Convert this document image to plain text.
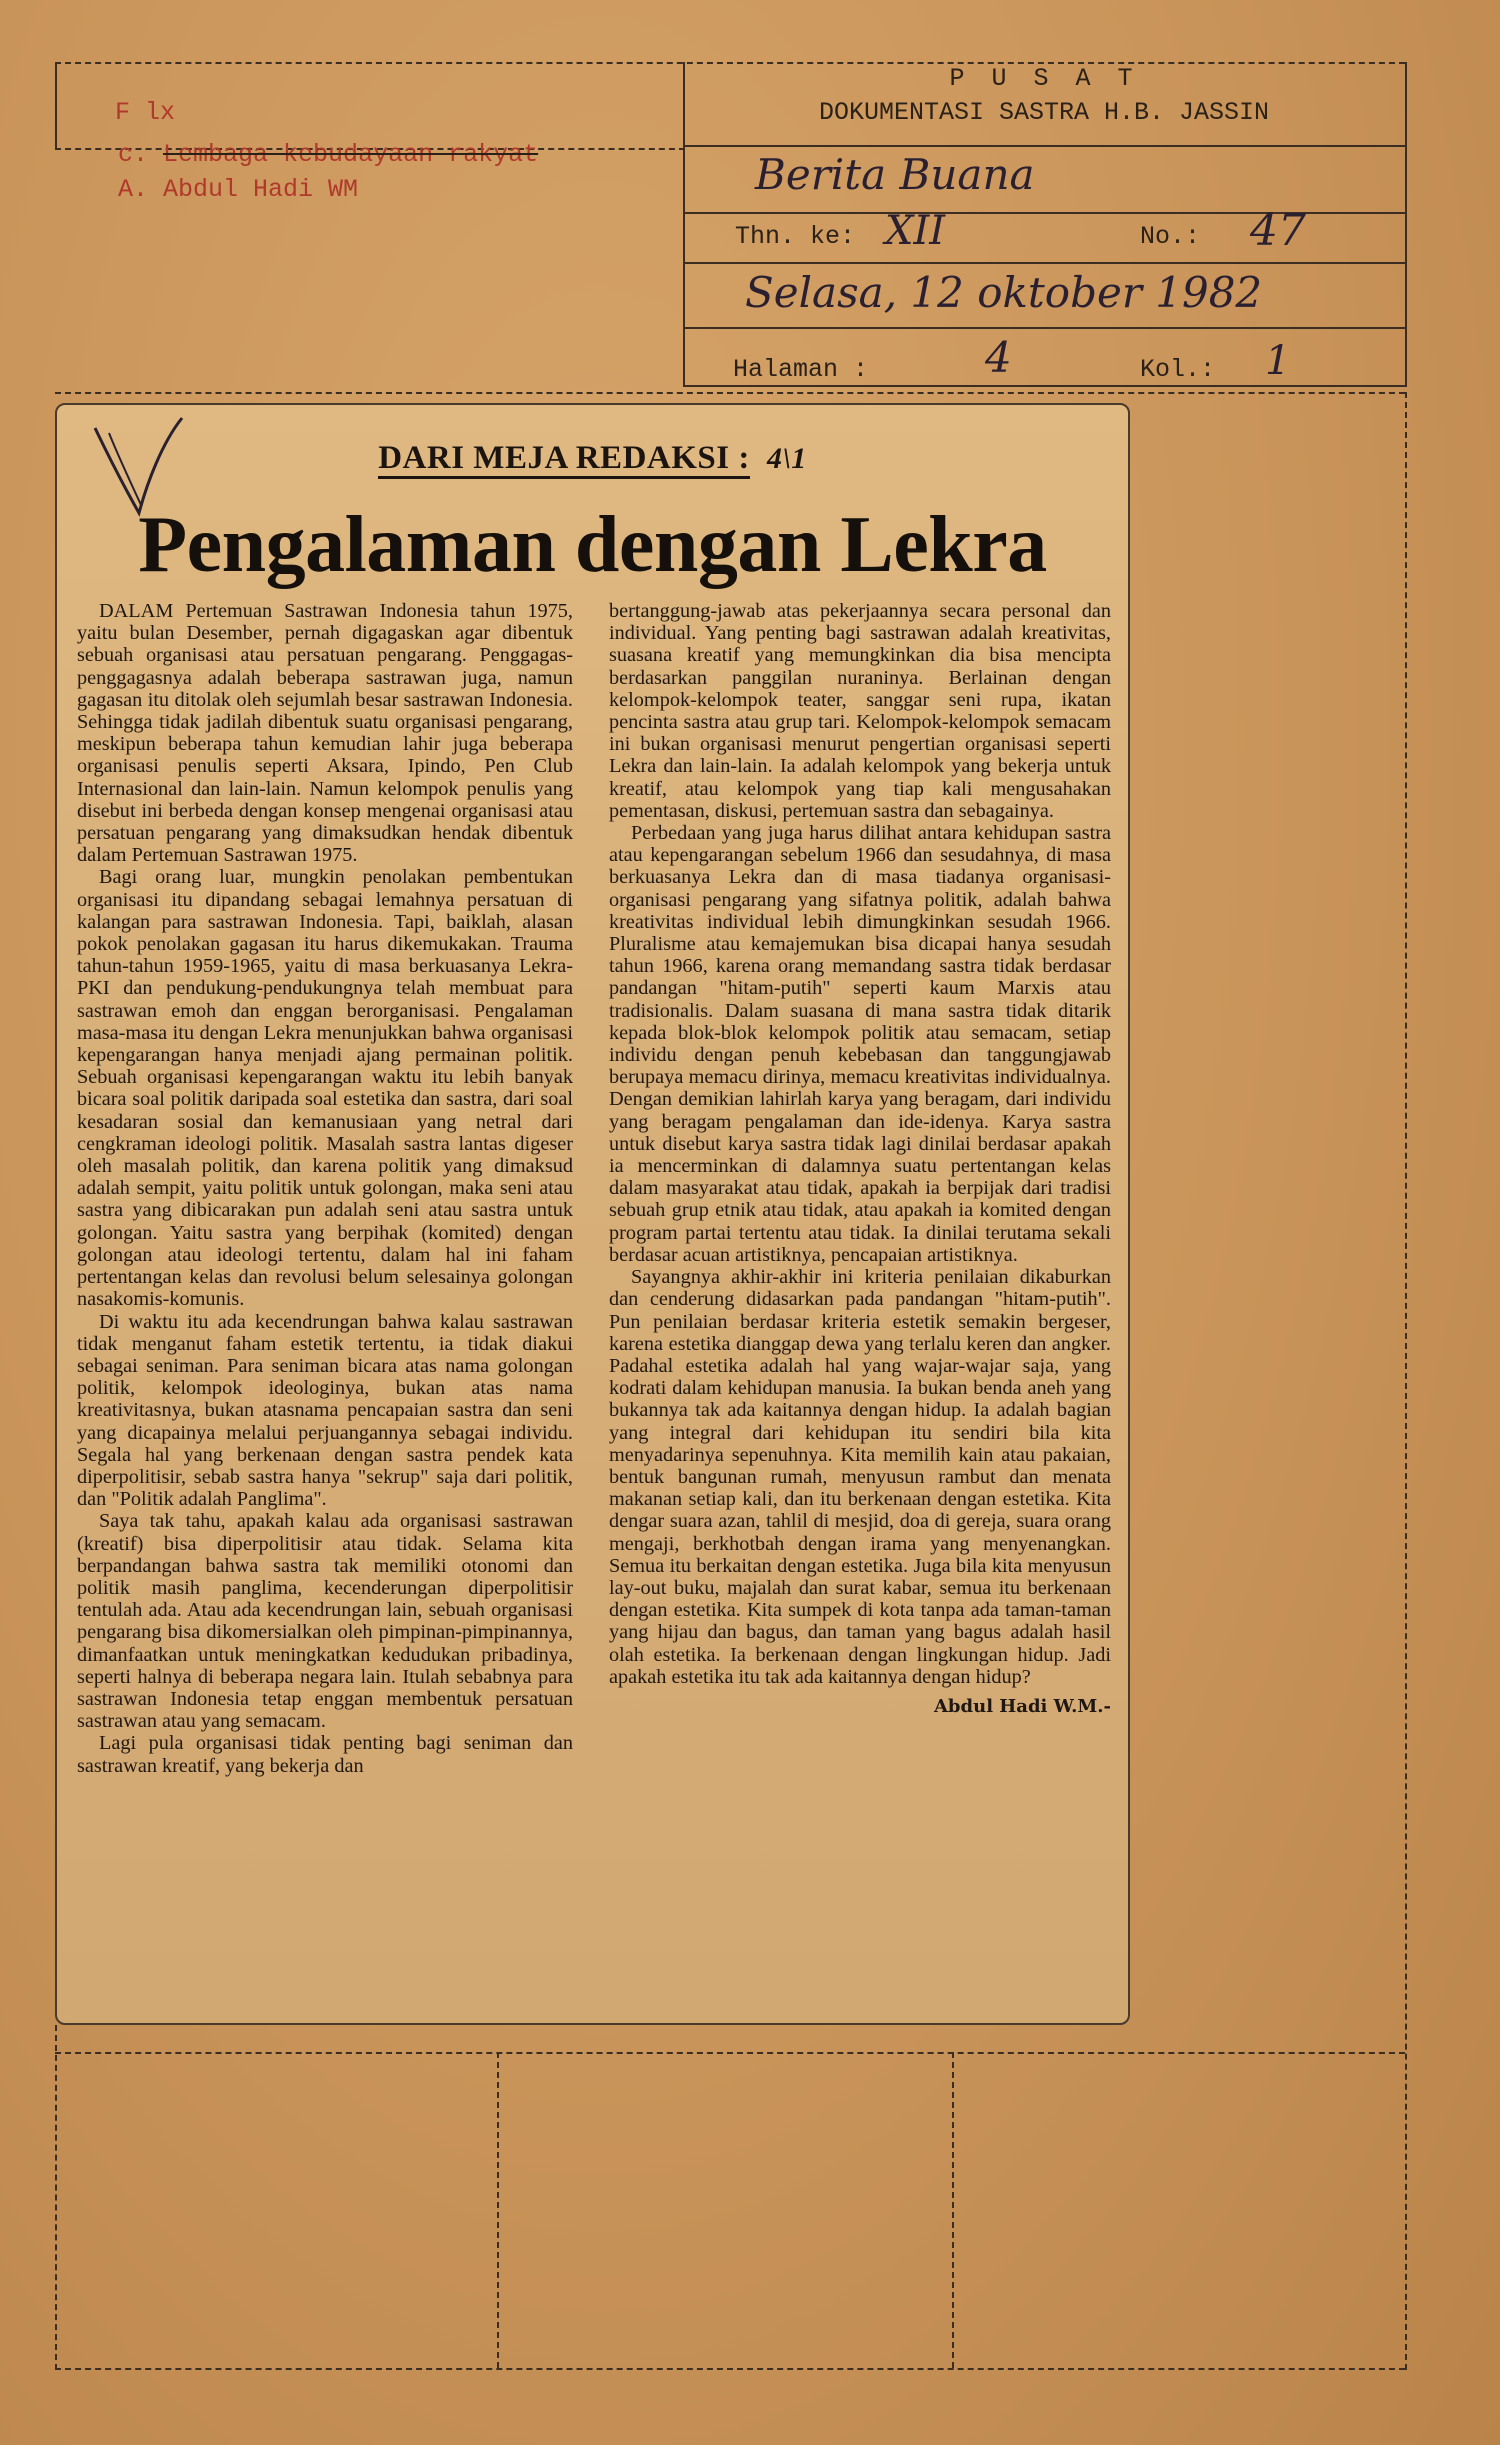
F lx
c. Lembaga kebudayaan rakyat
A. Abdul Hadi WM
P U S A T
DOKUMENTASI SASTRA H.B. JASSIN
Berita Buana
Thn. ke: XII	No.: 47
Selasa, 12 oktober 1982
Halaman :	4	Kol.: 1
DARI MEJA REDAKSI : 4\1
Pengalaman dengan Lekra

DALAM Pertemuan Sastrawan Indonesia tahun 1975, yaitu bulan Desember, pernah digagaskan agar dibentuk sebuah organisasi atau persatuan pengarang. Penggagas-penggagasnya adalah beberapa sastrawan juga, namun gagasan itu ditolak oleh sejumlah besar sastrawan Indonesia. Sehingga tidak jadilah dibentuk suatu organisasi pengarang, meskipun beberapa tahun kemudian lahir juga beberapa organisasi penulis seperti Aksara, Ipindo, Pen Club Internasional dan lain-lain. Namun kelompok penulis yang disebut ini berbeda dengan konsep mengenai organisasi atau persatuan pengarang yang dimaksudkan hendak dibentuk dalam Pertemuan Sastrawan 1975.

Bagi orang luar, mungkin penolakan pembentukan organisasi itu dipandang sebagai lemahnya persatuan di kalangan para sastrawan Indonesia. Tapi, baiklah, alasan pokok penolakan gagasan itu harus dikemukakan. Trauma tahun-tahun 1959-1965, yaitu di masa berkuasanya Lekra-PKI dan pendukung-pendukungnya telah membuat para sastrawan emoh dan enggan berorganisasi. Pengalaman masa-masa itu dengan Lekra menunjukkan bahwa organisasi kepengarangan hanya menjadi ajang permainan politik. Sebuah organisasi kepengarangan waktu itu lebih banyak bicara soal politik daripada soal estetika dan sastra, dari soal kesadaran sosial dan kemanusiaan yang netral dari cengkraman ideologi politik. Masalah sastra lantas digeser oleh masalah politik, dan karena politik yang dimaksud adalah sempit, yaitu politik untuk golongan, maka seni atau sastra yang dibicarakan pun adalah seni atau sastra untuk golongan. Yaitu sastra yang berpihak (komited) dengan golongan atau ideologi tertentu, dalam hal ini faham pertentangan kelas dan revolusi belum selesainya golongan nasakomis-komunis.

Di waktu itu ada kecendrungan bahwa kalau sastrawan tidak menganut faham estetik tertentu, ia tidak diakui sebagai seniman. Para seniman bicara atas nama golongan politik, kelompok ideologinya, bukan atas nama kreativitasnya, bukan atasnama pencapaian sastra dan seni yang dicapainya melalui perjuangannya sebagai individu. Segala hal yang berkenaan dengan sastra pendek kata diperpolitisir, sebab sastra hanya "sekrup" saja dari politik, dan "Politik adalah Panglima".

Saya tak tahu, apakah kalau ada organisasi sastrawan (kreatif) bisa diperpolitisir atau tidak. Selama kita berpandangan bahwa sastra tak memiliki otonomi dan politik masih panglima, kecenderungan diperpolitisir tentulah ada. Atau ada kecendrungan lain, sebuah organisasi pengarang bisa dikomersialkan oleh pimpinan-pimpinannya, dimanfaatkan untuk meningkatkan kedudukan pribadinya, seperti halnya di beberapa negara lain. Itulah sebabnya para sastrawan Indonesia tetap enggan membentuk persatuan sastrawan atau yang semacam.

Lagi pula organisasi tidak penting bagi seniman dan sastrawan kreatif, yang bekerja dan

bertanggung-jawab atas pekerjaannya secara personal dan individual. Yang penting bagi sastrawan adalah kreativitas, suasana kreatif yang memungkinkan dia bisa mencipta berdasarkan panggilan nuraninya. Berlainan dengan kelompok-kelompok teater, sanggar seni rupa, ikatan pencinta sastra atau grup tari. Kelompok-kelompok semacam ini bukan organisasi menurut pengertian organisasi seperti Lekra dan lain-lain. Ia adalah kelompok yang bekerja untuk kreatif, atau kelompok yang tiap kali mengusahakan pementasan, diskusi, pertemuan sastra dan sebagainya.

Perbedaan yang juga harus dilihat antara kehidupan sastra atau kepengarangan sebelum 1966 dan sesudahnya, di masa berkuasanya Lekra dan di masa tiadanya organisasi-organisasi pengarang yang sifatnya politik, adalah bahwa kreativitas individual lebih dimungkinkan sesudah 1966. Pluralisme atau kemajemukan bisa dicapai hanya sesudah tahun 1966, karena orang memandang sastra tidak berdasar pandangan "hitam-putih" seperti kaum Marxis atau tradisionalis. Dalam suasana di mana sastra tidak ditarik kepada blok-blok kelompok politik atau semacam, setiap individu dengan penuh kebebasan dan tanggungjawab berupaya memacu dirinya, memacu kreativitas individualnya. Dengan demikian lahirlah karya yang beragam, dari individu yang beragam pengalaman dan ide-idenya. Karya sastra untuk disebut karya sastra tidak lagi dinilai berdasar apakah ia mencerminkan di dalamnya suatu pertentangan kelas dalam masyarakat atau tidak, apakah ia berpijak dari tradisi sebuah grup etnik atau tidak, atau apakah ia komited dengan program partai tertentu atau tidak. Ia dinilai terutama sekali berdasar acuan artistiknya, pencapaian artistiknya.

Sayangnya akhir-akhir ini kriteria penilaian dikaburkan dan cenderung didasarkan pada pandangan "hitam-putih". Pun penilaian berdasar kriteria estetik semakin bergeser, karena estetika dianggap dewa yang terlalu keren dan angker. Padahal estetika adalah hal yang wajar-wajar saja, yang kodrati dalam kehidupan manusia. Ia bukan benda aneh yang bukannya tak ada kaitannya dengan hidup. Ia adalah bagian yang integral dari kehidupan itu sendiri bila kita menyadarinya sepenuhnya. Kita memilih kain atau pakaian, bentuk bangunan rumah, menyusun rambut dan menata makanan setiap kali, dan itu berkenaan dengan estetika. Kita dengar suara azan, tahlil di mesjid, doa di gereja, suara orang mengaji, berkhotbah dengan irama yang menyenangkan. Semua itu berkaitan dengan estetika. Juga bila kita menyusun lay-out buku, majalah dan surat kabar, semua itu berkenaan dengan estetika. Kita sumpek di kota tanpa ada taman-taman yang hijau dan bagus, dan taman yang bagus adalah hasil olah estetika. Ia berkenaan dengan lingkungan hidup. Jadi apakah estetika itu tak ada kaitannya dengan hidup?

Abdul Hadi W.M.-
